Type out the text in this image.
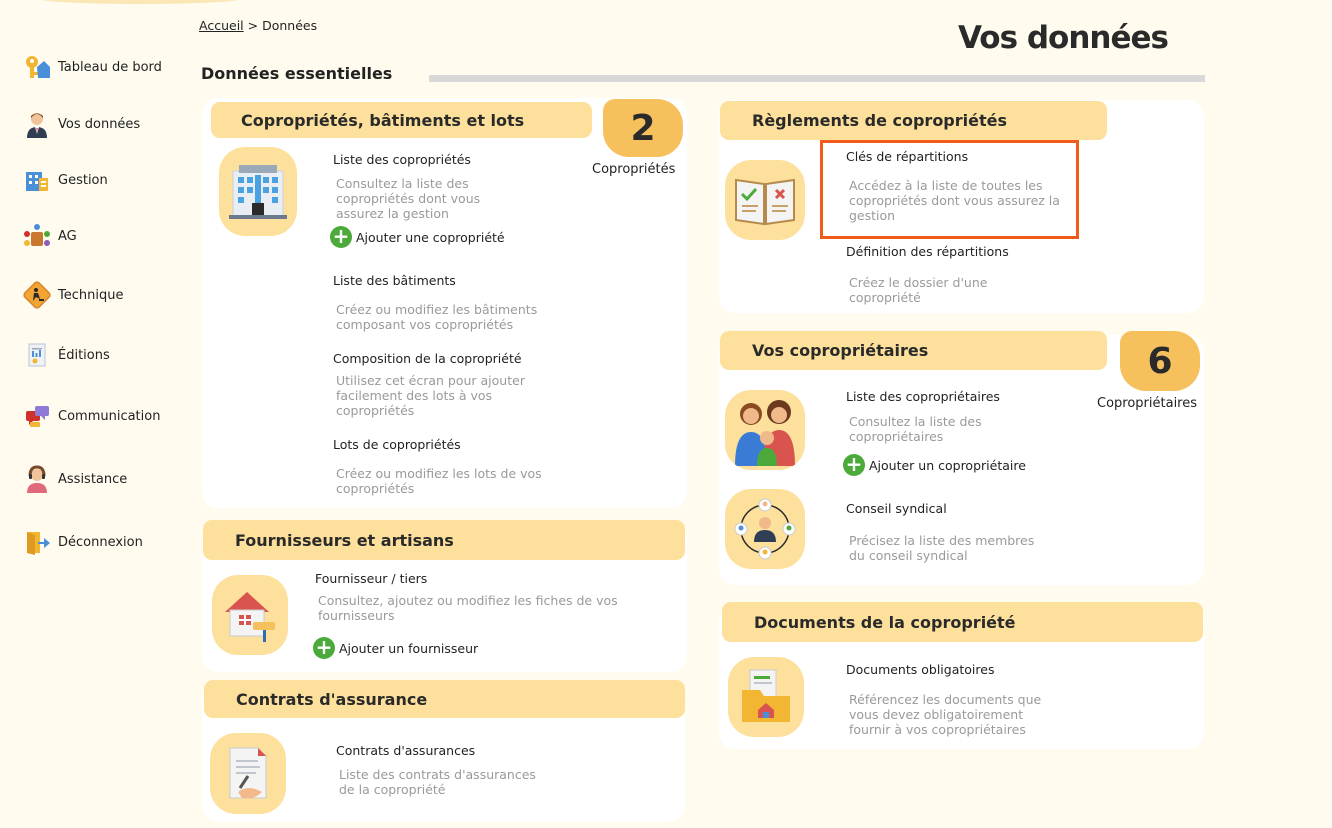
Tableau de bord
Vos données
Gestion
AG
Technique
Éditions
Communication
Assistance
Déconnexion
Accueil > Données	Vos données
Données essentielles
Copropriétés, bâtiments et lots	2
Copropriétés
Liste des copropriétés
Consultez la liste des copropriétés dont vous assurez la gestion
+ Ajouter une copropriété
Liste des bâtiments
Créez ou modifiez les bâtiments composant vos copropriétés
Composition de la copropriété
Utilisez cet écran pour ajouter facilement des lots à vos copropriétés
Lots de copropriétés
Créez ou modifiez les lots de vos copropriétés
Fournisseurs et artisans
Fournisseur / tiers
Consultez, ajoutez ou modifiez les fiches de vos fournisseurs
+ Ajouter un fournisseur
Contrats d'assurance
Contrats d'assurances
Liste des contrats d'assurances de la copropriété
Règlements de copropriétés
Clés de répartitions
Accédez à la liste de toutes les copropriétés dont vous assurez la gestion
Définition des répartitions
Créez le dossier d'une copropriété
Vos copropriétaires	6
Copropriétaires
Liste des copropriétaires
Consultez la liste des copropriétaires
+ Ajouter un copropriétaire
Conseil syndical
Précisez la liste des membres du conseil syndical
Documents de la copropriété
Documents obligatoires
Référencez les documents que vous devez obligatoirement fournir à vos copropriétaires
